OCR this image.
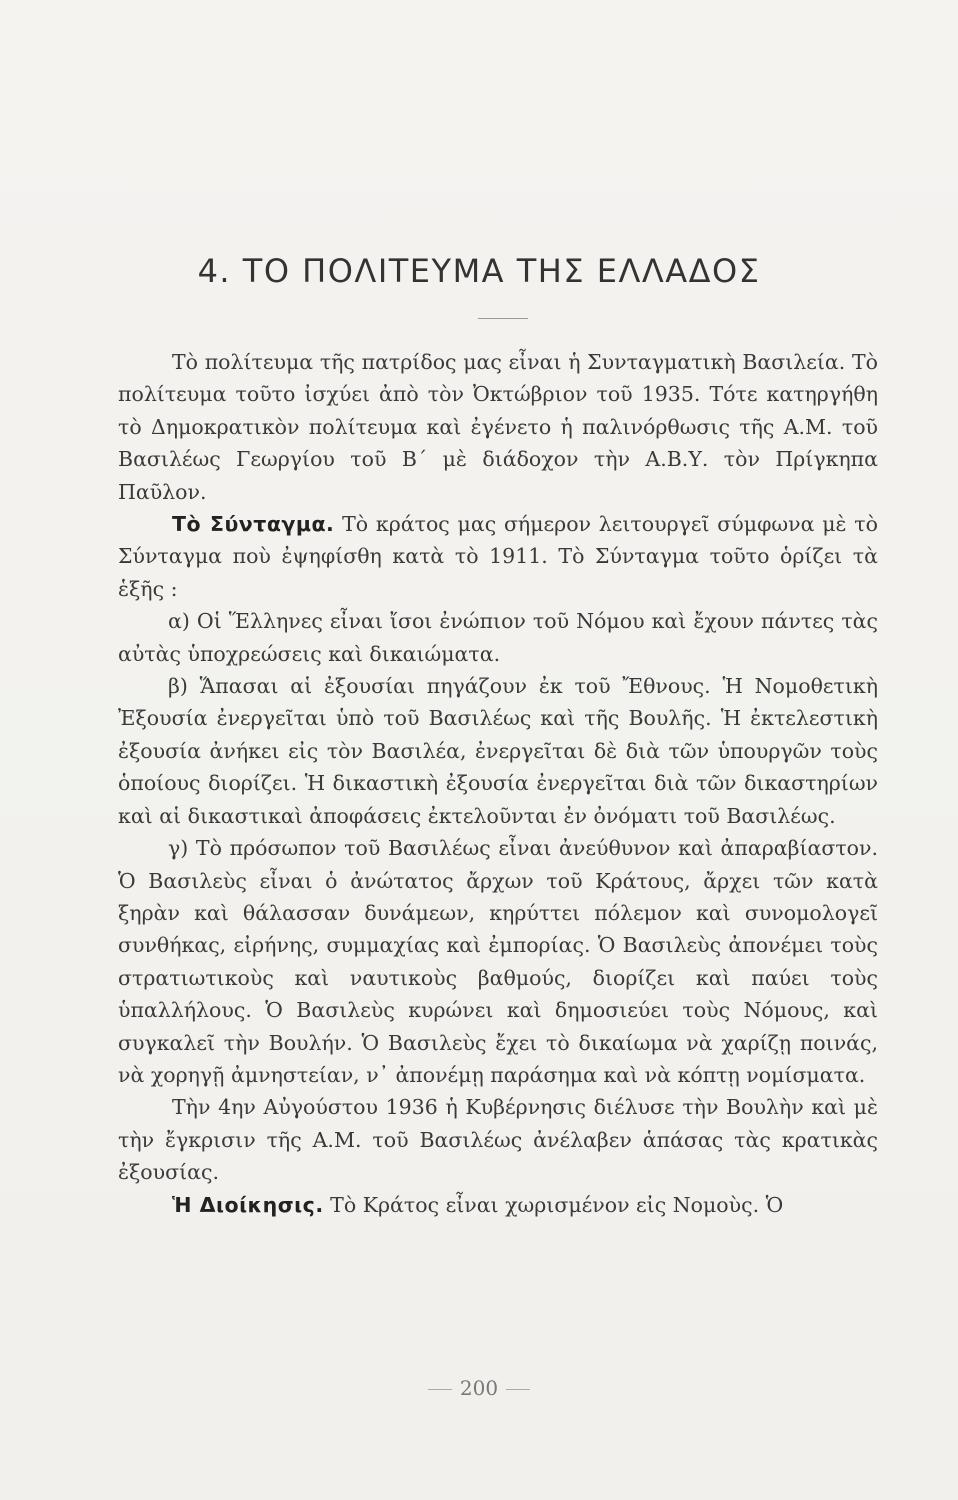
4. ΤΟ ΠΟΛΙΤΕΥΜΑ ΤΗΣ ΕΛΛΑΔΟΣ

Τὸ πολίτευμα τῆς πατρίδος μας εἶναι ἡ Συνταγματικὴ Βασιλεία. Τὸ πολίτευμα τοῦτο ἰσχύει ἀπὸ τὸν Ὀκτώβριον τοῦ 1935. Τότε κατηργήθη τὸ Δημοκρατικὸν πολίτευμα καὶ ἐγένετο ἡ παλινόρθωσις τῆς Α.Μ. τοῦ Βασιλέως Γεωργίου τοῦ Β΄ μὲ διάδοχον τὴν Α.Β.Υ. τὸν Πρίγκηπα Παῦλον.

Τὸ Σύνταγμα. Τὸ κράτος μας σήμερον λειτουργεῖ σύμφωνα μὲ τὸ Σύνταγμα ποὺ ἐψηφίσθη κατὰ τὸ 1911. Τὸ Σύνταγμα τοῦτο ὁρίζει τὰ ἑξῆς :

α) Οἱ Ἕλληνες εἶναι ἴσοι ἐνώπιον τοῦ Νόμου καὶ ἔχουν πάντες τὰς αὐτὰς ὑποχρεώσεις καὶ δικαιώματα.

β) Ἅπασαι αἱ ἐξουσίαι πηγάζουν ἐκ τοῦ Ἔθνους. Ἡ Νομοθετικὴ Ἐξουσία ἐνεργεῖται ὑπὸ τοῦ Βασιλέως καὶ τῆς Βουλῆς. Ἡ ἐκτελεστικὴ ἐξουσία ἀνήκει εἰς τὸν Βασιλέα, ἐνεργεῖται δὲ διὰ τῶν ὑπουργῶν τοὺς ὁποίους διορίζει. Ἡ δικαστικὴ ἐξουσία ἐνεργεῖται διὰ τῶν δικαστηρίων καὶ αἱ δικαστικαὶ ἀποφάσεις ἐκτελοῦνται ἐν ὀνόματι τοῦ Βασιλέως.

γ) Τὸ πρόσωπον τοῦ Βασιλέως εἶναι ἀνεύθυνον καὶ ἀπαραβίαστον. Ὁ Βασιλεὺς εἶναι ὁ ἀνώτατος ἄρχων τοῦ Κράτους, ἄρχει τῶν κατὰ ξηρὰν καὶ θάλασσαν δυνάμεων, κηρύττει πόλεμον καὶ συνομολογεῖ συνθήκας, εἰρήνης, συμμαχίας καὶ ἐμπορίας. Ὁ Βασιλεὺς ἀπονέμει τοὺς στρατιωτικοὺς καὶ ναυτικοὺς βαθμούς, διορίζει καὶ παύει τοὺς ὑπαλλήλους. Ὁ Βασιλεὺς κυρώνει καὶ δημοσιεύει τοὺς Νόμους, καὶ συγκαλεῖ τὴν Βουλήν. Ὁ Βασιλεὺς ἔχει τὸ δικαίωμα νὰ χαρίζῃ ποινάς, νὰ χορηγῇ ἀμνηστείαν, ν᾿ ἀπονέμῃ παράσημα καὶ νὰ κόπτῃ νομίσματα.

Τὴν 4ην Αὐγούστου 1936 ἡ Κυβέρνησις διέλυσε τὴν Βουλὴν καὶ μὲ τὴν ἔγκρισιν τῆς Α.Μ. τοῦ Βασιλέως ἀνέλαβεν ἁπάσας τὰς κρατικὰς ἐξουσίας.

Ἡ Διοίκησις. Τὸ Κράτος εἶναι χωρισμένον εἰς Νομοὺς. Ὁ

200
